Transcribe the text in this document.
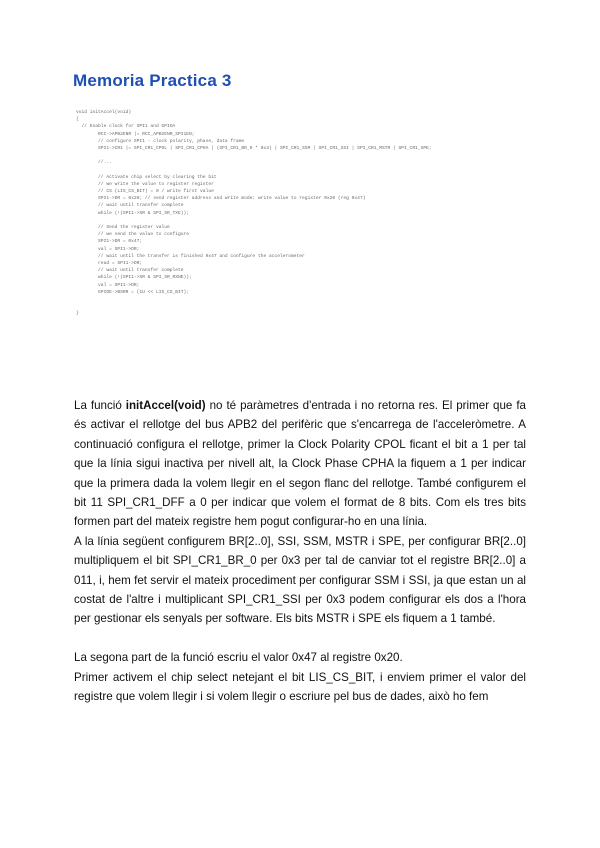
Memoria Practica 3
void initAccel(void)
{
// Enable clock for SPI1 and GPIOA
RCC->APB2ENR |= RCC_APB2ENR_SPI1EN;
// configure SPI1 - clock polarity, phase, data frame
SPI1->CR1 |= SPI_CR1_CPOL | SPI_CR1_CPHA | (SPI_CR1_BR_0 * 0x3) | SPI_CR1_SSM | SPI_CR1_SSI | SPI_CR1_MSTR | SPI_CR1_SPE;
//...
// Activate chip select by clearing the bit
// we write the value to register register
// CS (LIS_CS_BIT) = 0 / write first value
SPI1->DR = 0x20; // send register address and write mode: write value to register 0x20 (reg 0x47)
// wait until transfer complete
while (!(SPI1->SR & SPI_SR_TXE));
// Send the register value
// we send the value to configure
SPI1->DR = 0x47;
val = SPI1->DR;
// wait until the transfer is finished 0x47 and configure the accelerometer
read = SPI1->DR;
// wait until transfer complete
while (!(SPI1->SR & SPI_SR_RXNE));
val = SPI1->DR;
GPIOE->BSRR = (1U << LIS_CS_BIT);
}

La funció initAccel(void) no té paràmetres d'entrada i no retorna res. El primer que fa és activar el rellotge del bus APB2 del perifèric que s'encarrega de l'acceleròmetre. A continuació configura el rellotge, primer la Clock Polarity CPOL ficant el bit a 1 per tal que la línia sigui inactiva per nivell alt, la Clock Phase CPHA la fiquem a 1 per indicar que la primera dada la volem llegir en el segon flanc del rellotge. També configurem el bit 11 SPI_CR1_DFF a 0 per indicar que volem el format de 8 bits. Com els tres bits formen part del mateix registre hem pogut configurar-ho en una línia.

A la línia següent configurem BR[2..0], SSI, SSM, MSTR i SPE, per configurar BR[2..0] multipliquem el bit SPI_CR1_BR_0 per 0x3 per tal de canviar tot el registre BR[2..0] a 011, i, hem fet servir el mateix procediment per configurar SSM i SSI, ja que estan un al costat de l'altre i multiplicant SPI_CR1_SSI per 0x3 podem configurar els dos a l'hora per gestionar els senyals per software. Els bits MSTR i SPE els fiquem a 1 també.

La segona part de la funció escriu el valor 0x47 al registre 0x20.

Primer activem el chip select netejant el bit LIS_CS_BIT, i enviem primer el valor del registre que volem llegir i si volem llegir o escriure pel bus de dades, això ho fem
